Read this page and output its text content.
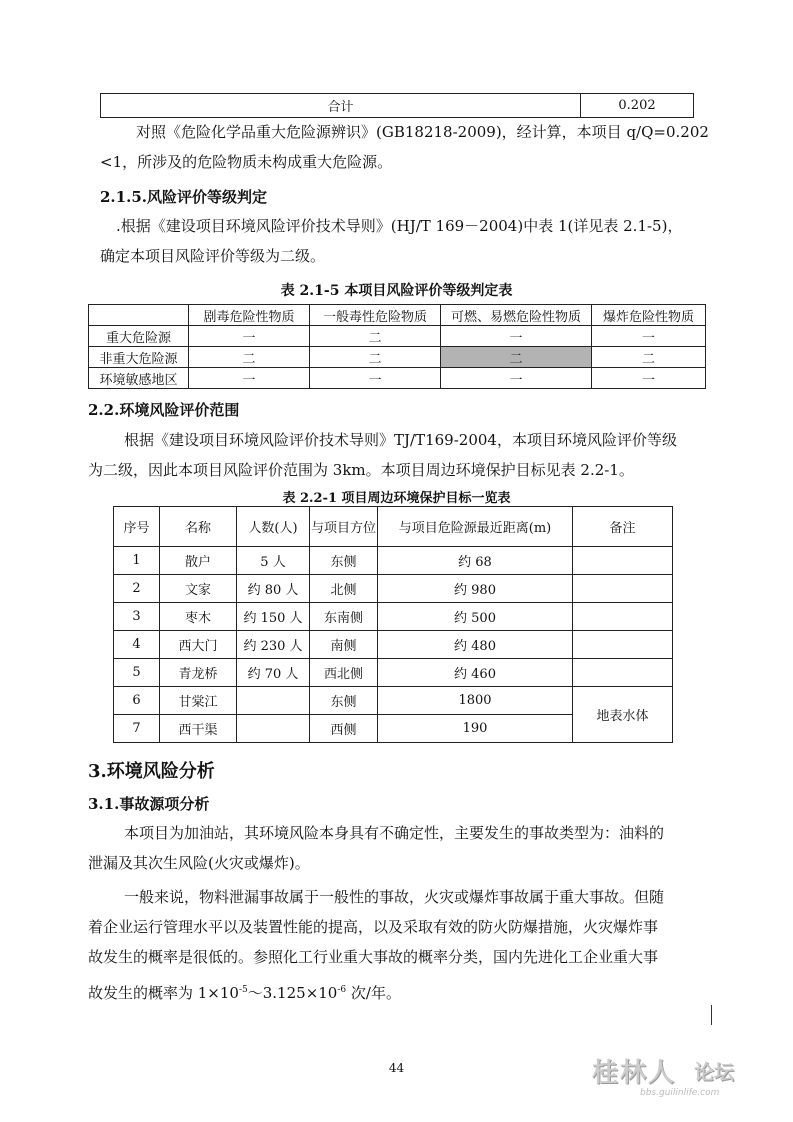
合计	0.202
对照《危险化学品重大危险源辨识》(GB18218-2009)，经计算，本项目 q/Q=0.202
<1，所涉及的危险物质未构成重大危险源。
2.1.5.风险评价等级判定
.根据《建设项目环境风险评价技术导则》(HJ/T 169－2004)中表 1(详见表 2.1-5)，
确定本项目风险评价等级为二级。
表 2.1-5 本项目风险评价等级判定表
	剧毒危险性物质	一般毒性危险物质	可燃、易燃危险性物质	爆炸危险性物质
重大危险源	一	二	一	一
非重大危险源	二	二	二	二
环境敏感地区	一	一	一	一
2.2.环境风险评价范围
根据《建设项目环境风险评价技术导则》TJ/T169-2004，本项目环境风险评价等级
为二级，因此本项目风险评价范围为 3km。本项目周边环境保护目标见表 2.2-1。
表 2.2-1 项目周边环境保护目标一览表
序号	名称	人数(人)	与项目方位	与项目危险源最近距离(m)	备注
1	散户	5 人	东侧	约 68	
2	文家	约 80 人	北侧	约 980	
3	枣木	约 150 人	东南侧	约 500	
4	西大门	约 230 人	南侧	约 480	
5	青龙桥	约 70 人	西北侧	约 460	
6	甘棠江		东侧	1800	地表水体
7	西干渠		西侧	190	
3.环境风险分析
3.1.事故源项分析
本项目为加油站，其环境风险本身具有不确定性，主要发生的事故类型为：油料的
泄漏及其次生风险(火灾或爆炸)。
一般来说，物料泄漏事故属于一般性的事故，火灾或爆炸事故属于重大事故。但随
着企业运行管理水平以及装置性能的提高，以及采取有效的防火防爆措施，火灾爆炸事
故发生的概率是很低的。参照化工行业重大事故的概率分类，国内先进化工企业重大事
故发生的概率为 $1\times 10^{-5}\sim 3.125\times 10^{-6}$ 次/年。
44	桂林人 论坛
bbs.guilinlife.com
